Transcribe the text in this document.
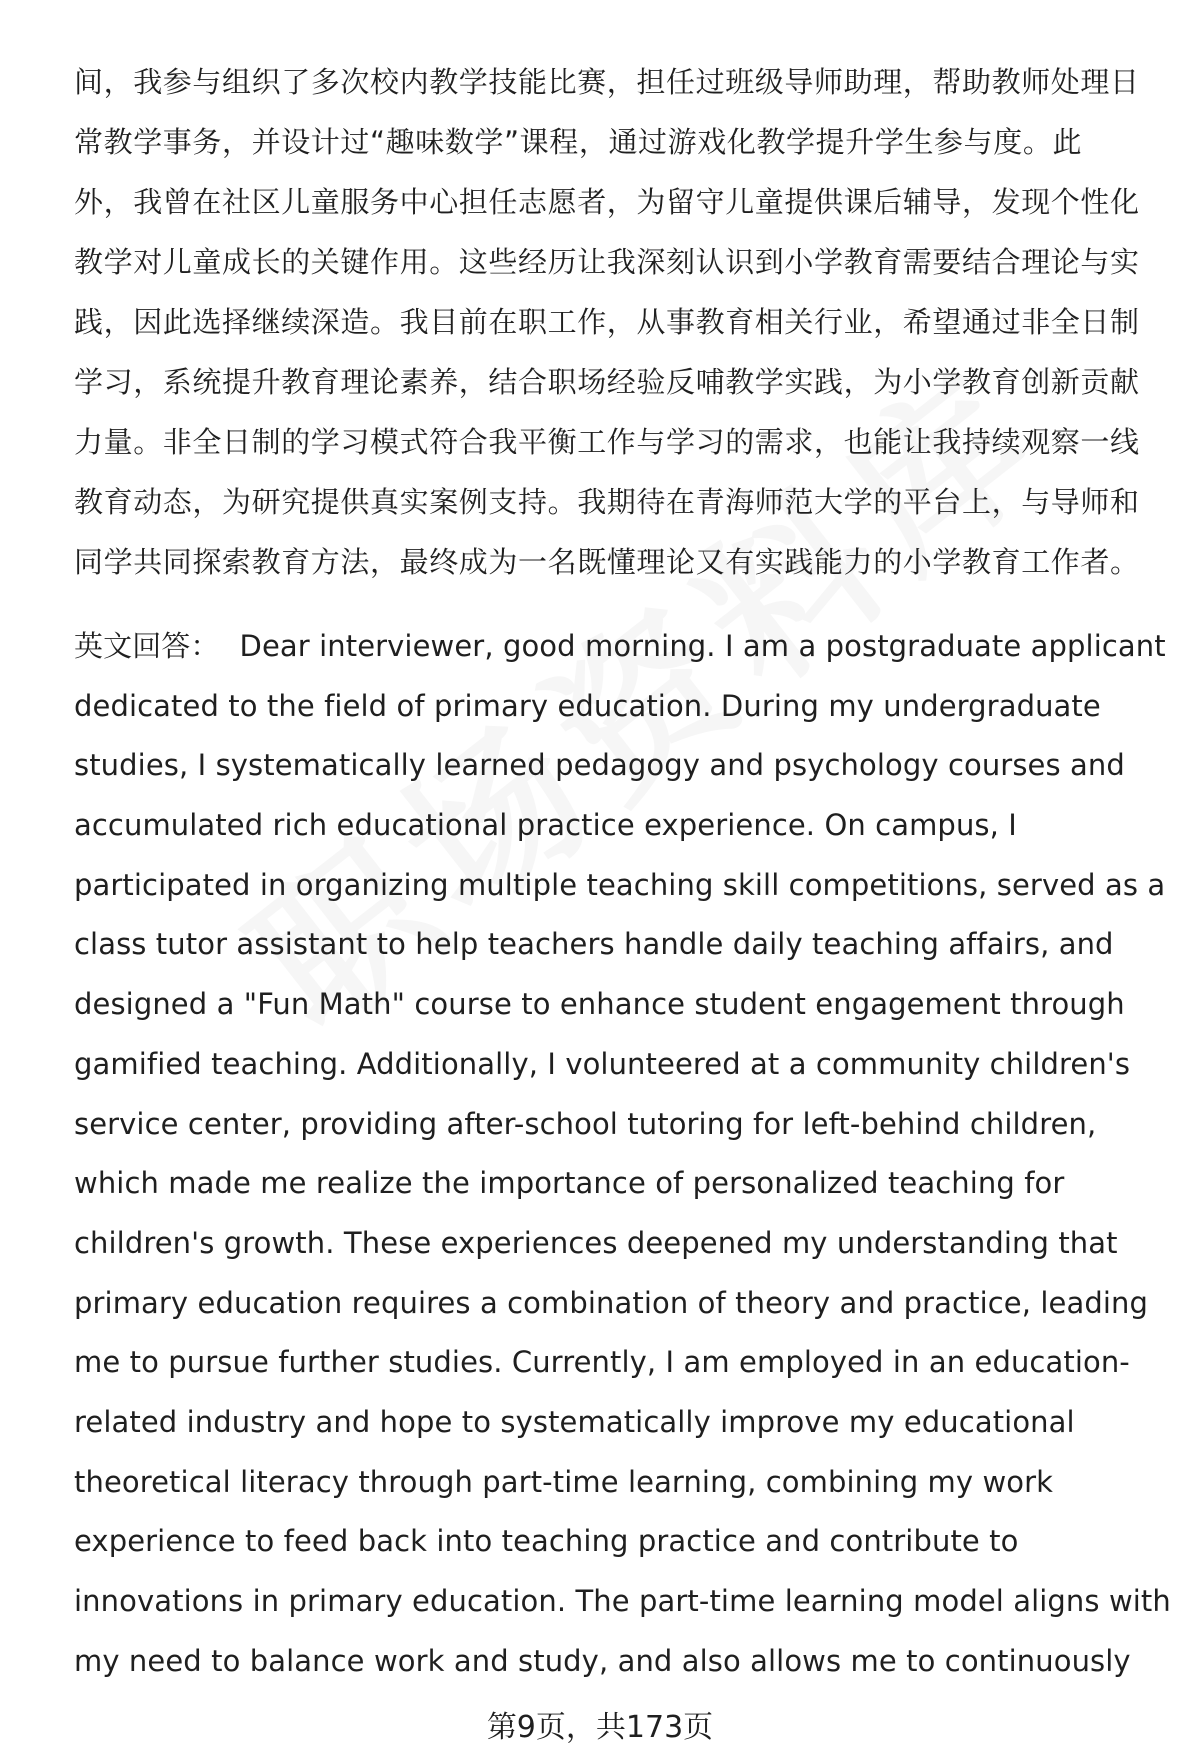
间，我参与组织了多次校内教学技能比赛，担任过班级导师助理，帮助教师处理日
常教学事务，并设计过“趣味数学”课程，通过游戏化教学提升学生参与度。此
外，我曾在社区儿童服务中心担任志愿者，为留守儿童提供课后辅导，发现个性化
教学对儿童成长的关键作用。这些经历让我深刻认识到小学教育需要结合理论与实
践，因此选择继续深造。我目前在职工作，从事教育相关行业，希望通过非全日制
学习，系统提升教育理论素养，结合职场经验反哺教学实践，为小学教育创新贡献
力量。非全日制的学习模式符合我平衡工作与学习的需求，也能让我持续观察一线
教育动态，为研究提供真实案例支持。我期待在青海师范大学的平台上，与导师和
同学共同探索教育方法，最终成为一名既懂理论又有实践能力的小学教育工作者。
英文回答： Dear interviewer, good morning. I am a postgraduate applicant
dedicated to the field of primary education. During my undergraduate
studies, I systematically learned pedagogy and psychology courses and
accumulated rich educational practice experience. On campus, I
participated in organizing multiple teaching skill competitions, served as a
class tutor assistant to help teachers handle daily teaching affairs, and
designed a "Fun Math" course to enhance student engagement through
gamified teaching. Additionally, I volunteered at a community children's
service center, providing after-school tutoring for left-behind children,
which made me realize the importance of personalized teaching for
children's growth. These experiences deepened my understanding that
primary education requires a combination of theory and practice, leading
me to pursue further studies. Currently, I am employed in an education-
related industry and hope to systematically improve my educational
theoretical literacy through part-time learning, combining my work
experience to feed back into teaching practice and contribute to
innovations in primary education. The part-time learning model aligns with
my need to balance work and study, and also allows me to continuously
第9页，共173页
